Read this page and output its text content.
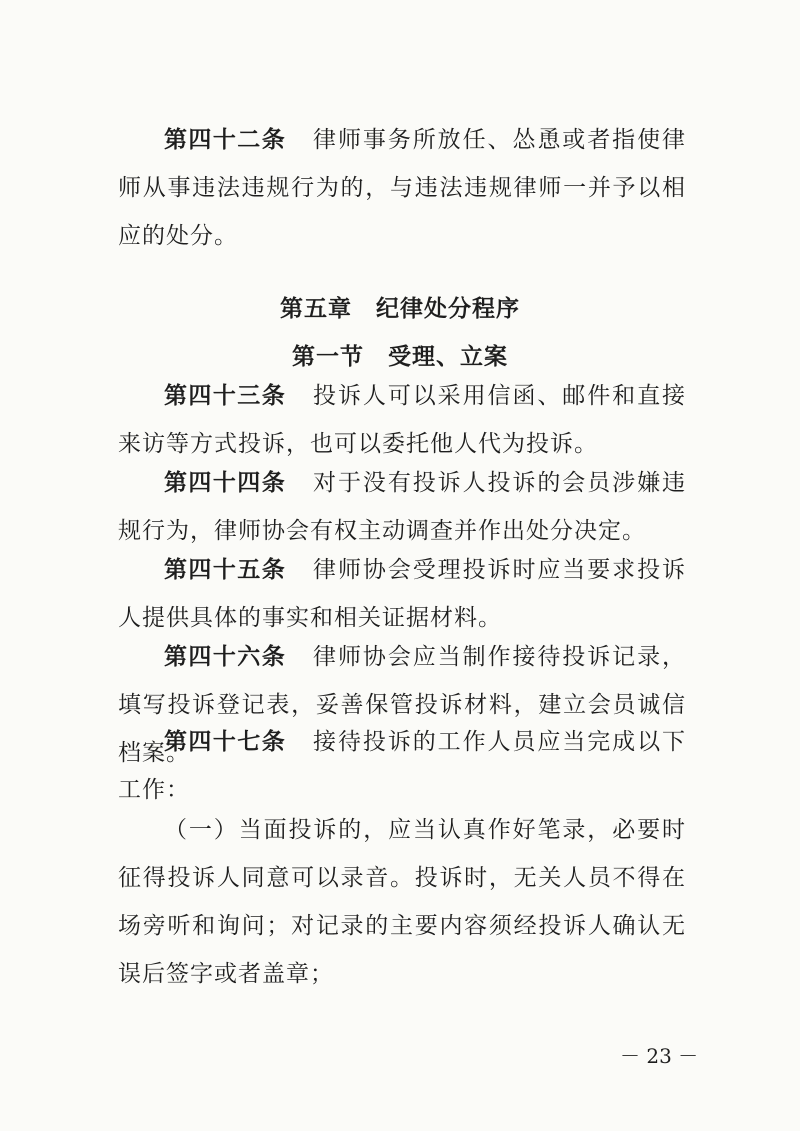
第四十二条 律师事务所放任、怂恿或者指使律师从事违法违规行为的，与违法违规律师一并予以相应的处分。

第五章　纪律处分程序
第一节　受理、立案

第四十三条 投诉人可以采用信函、邮件和直接来访等方式投诉，也可以委托他人代为投诉。

第四十四条 对于没有投诉人投诉的会员涉嫌违规行为，律师协会有权主动调查并作出处分决定。

第四十五条 律师协会受理投诉时应当要求投诉人提供具体的事实和相关证据材料。

第四十六条 律师协会应当制作接待投诉记录，填写投诉登记表，妥善保管投诉材料，建立会员诚信档案。

第四十七条 接待投诉的工作人员应当完成以下工作：

（一）当面投诉的，应当认真作好笔录，必要时征得投诉人同意可以录音。投诉时，无关人员不得在场旁听和询问；对记录的主要内容须经投诉人确认无误后签字或者盖章；

－ 23 －
